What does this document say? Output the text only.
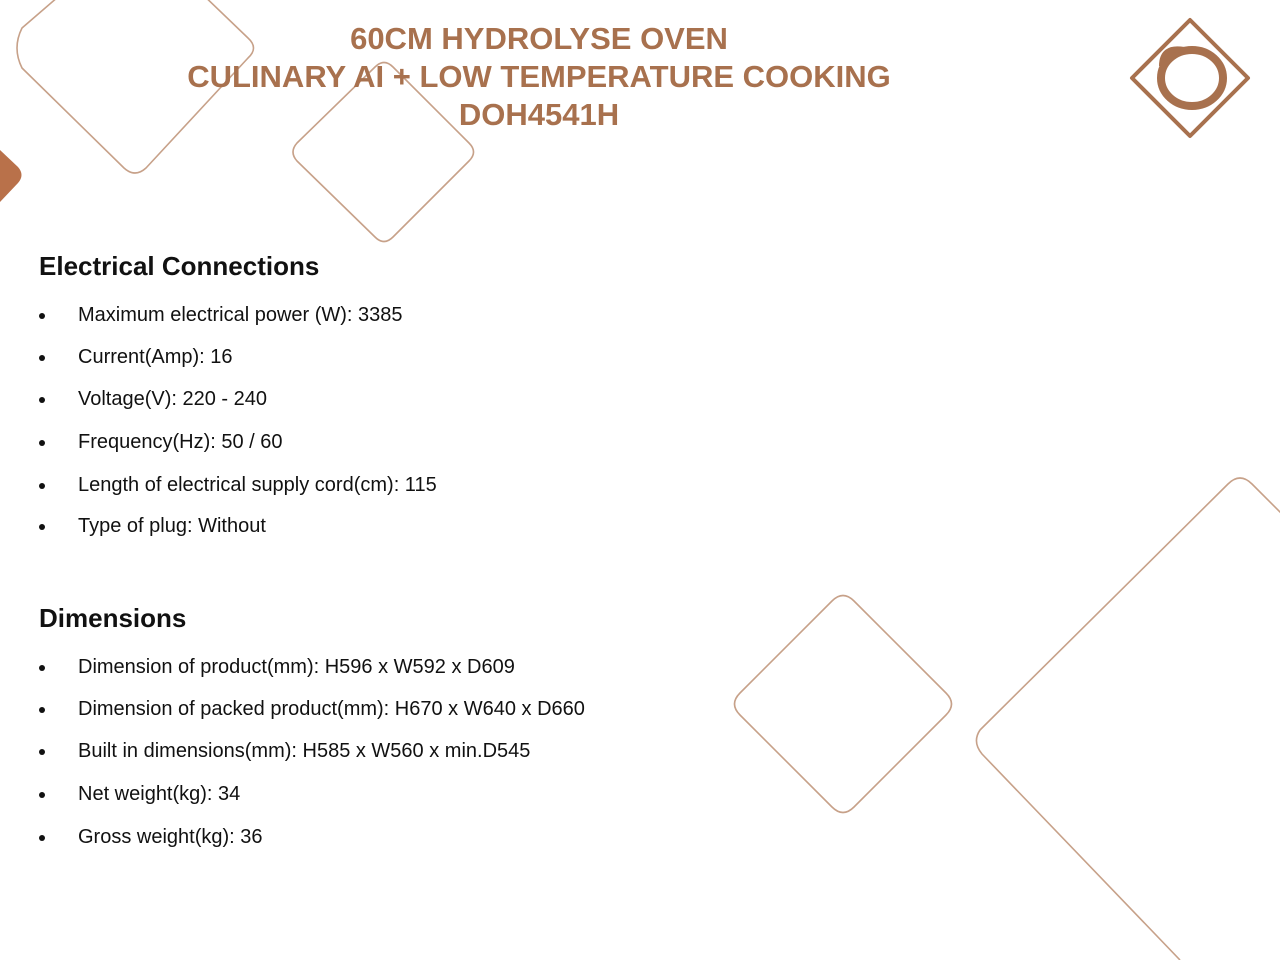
60CM HYDROLYSE OVEN
CULINARY AI + LOW TEMPERATURE COOKING
DOH4541H
Electrical Connections
Maximum electrical power (W): 3385
Current(Amp): 16
Voltage(V): 220 - 240
Frequency(Hz): 50 / 60
Length of electrical supply cord(cm): 115
Type of plug: Without
Dimensions
Dimension of product(mm): H596 x W592 x D609
Dimension of packed product(mm): H670 x W640 x D660
Built in dimensions(mm): H585 x W560 x min.D545
Net weight(kg): 34
Gross weight(kg): 36
